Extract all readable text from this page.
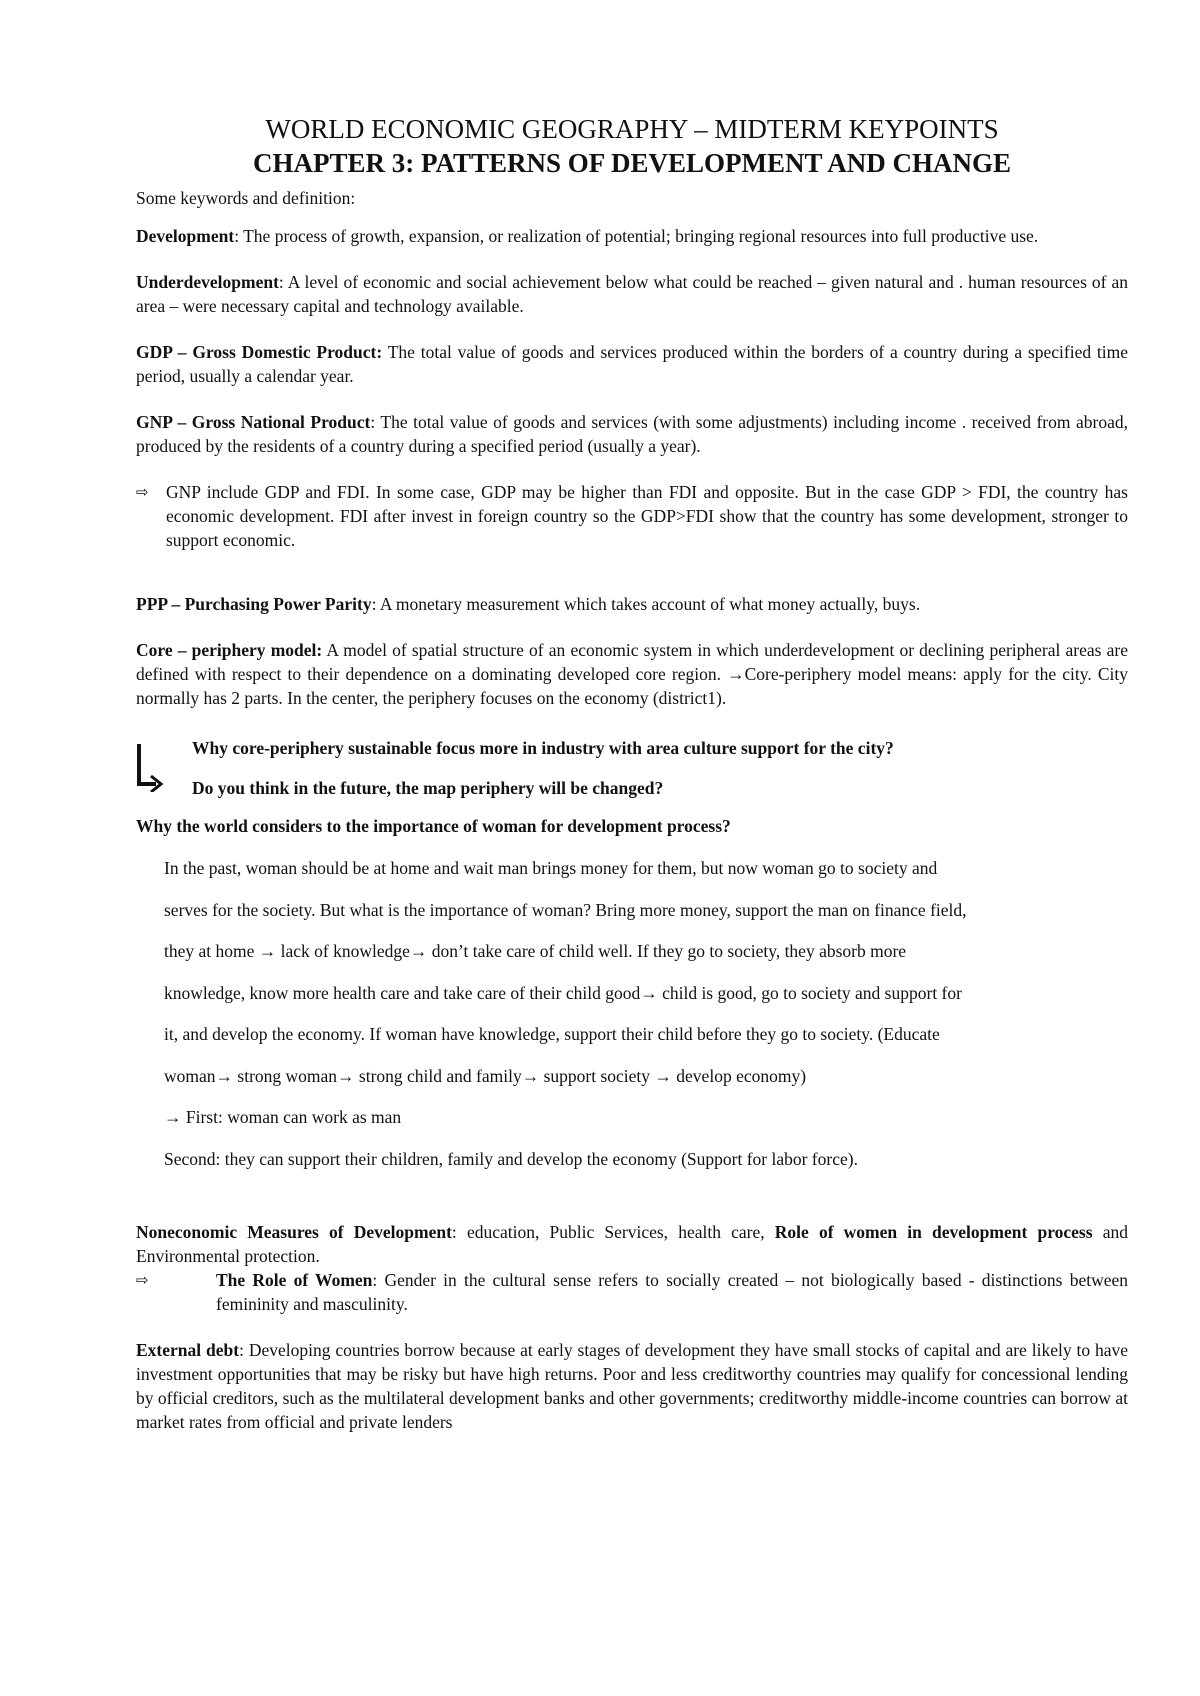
WORLD ECONOMIC GEOGRAPHY – MIDTERM KEYPOINTS
CHAPTER 3: PATTERNS OF DEVELOPMENT AND CHANGE

Some keywords and definition:

Development: The process of growth, expansion, or realization of potential; bringing regional resources into full productive use.

Underdevelopment: A level of economic and social achievement below what could be reached – given natural and . human resources of an area – were necessary capital and technology available.

GDP – Gross Domestic Product: The total value of goods and services produced within the borders of a country during a specified time period, usually a calendar year.

GNP – Gross National Product: The total value of goods and services (with some adjustments) including income . received from abroad, produced by the residents of a country during a specified period (usually a year).

⇨ GNP include GDP and FDI. In some case, GDP may be higher than FDI and opposite. But in the case GDP > FDI, the country has economic development. FDI after invest in foreign country so the GDP>FDI show that the country has some development, stronger to support economic.

PPP – Purchasing Power Parity: A monetary measurement which takes account of what money actually, buys.

Core – periphery model: A model of spatial structure of an economic system in which underdevelopment or declining peripheral areas are defined with respect to their dependence on a dominating developed core region. →Core-periphery model means: apply for the city. City normally has 2 parts. In the center, the periphery focuses on the economy (district1).

Why core-periphery sustainable focus more in industry with area culture support for the city?

Do you think in the future, the map periphery will be changed?

Why the world considers to the importance of woman for development process?

In the past, woman should be at home and wait man brings money for them, but now woman go to society and

serves for the society. But what is the importance of woman? Bring more money, support the man on finance field,

they at home → lack of knowledge→ don’t take care of child well. If they go to society, they absorb more

knowledge, know more health care and take care of their child good→ child is good, go to society and support for

it, and develop the economy. If woman have knowledge, support their child before they go to society. (Educate

woman→ strong woman→ strong child and family→ support society → develop economy)

→ First: woman can work as man

Second: they can support their children, family and develop the economy (Support for labor force).

Noneconomic Measures of Development: education, Public Services, health care, Role of women in development process and Environmental protection.

⇨	The Role of Women: Gender in the cultural sense refers to socially created – not biologically based - distinctions between femininity and masculinity.

External debt: Developing countries borrow because at early stages of development they have small stocks of capital and are likely to have investment opportunities that may be risky but have high returns. Poor and less creditworthy countries may qualify for concessional lending by official creditors, such as the multilateral development banks and other governments; creditworthy middle-income countries can borrow at market rates from official and private lenders
